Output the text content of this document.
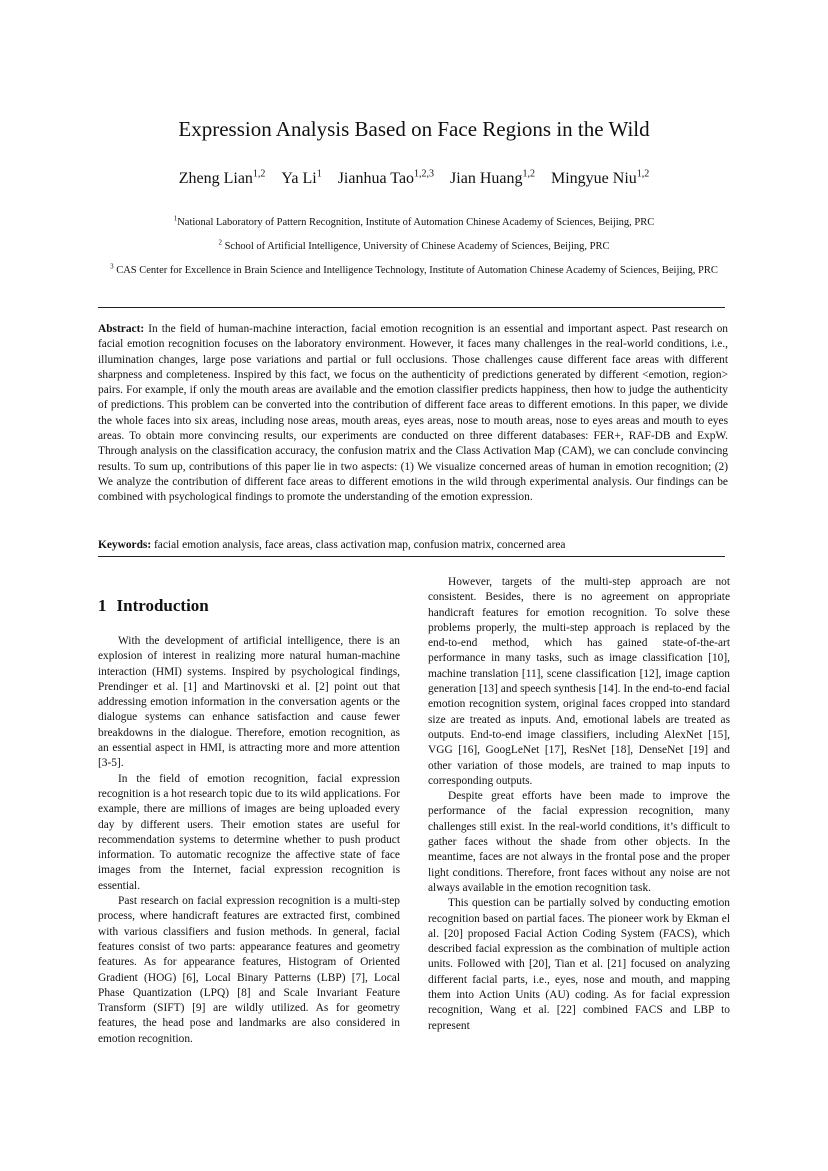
Expression Analysis Based on Face Regions in the Wild
Zheng Lian$^{1,2}$ Ya Li$^1$ Jianhua Tao$^{1,2,3}$ Jian Huang$^{1,2}$ Mingyue Niu$^{1,2}$
$^1$National Laboratory of Pattern Recognition, Institute of Automation Chinese Academy of Sciences, Beijing, PRC
$^2$ School of Artificial Intelligence, University of Chinese Academy of Sciences, Beijing, PRC
$^3$ CAS Center for Excellence in Brain Science and Intelligence Technology, Institute of Automation Chinese Academy of Sciences, Beijing, PRC

Abstract: In the field of human-machine interaction, facial emotion recognition is an essential and important aspect. Past research on facial emotion recognition focuses on the laboratory environment. However, it faces many challenges in the real-world conditions, i.e., illumination changes, large pose variations and partial or full occlusions. Those challenges cause different face areas with different sharpness and completeness. Inspired by this fact, we focus on the authenticity of predictions generated by different <emotion, region> pairs. For example, if only the mouth areas are available and the emotion classifier predicts happiness, then how to judge the authenticity of predictions. This problem can be converted into the contribution of different face areas to different emotions. In this paper, we divide the whole faces into six areas, including nose areas, mouth areas, eyes areas, nose to mouth areas, nose to eyes areas and mouth to eyes areas. To obtain more convincing results, our experiments are conducted on three different databases: FER+, RAF-DB and ExpW. Through analysis on the classification accuracy, the confusion matrix and the Class Activation Map (CAM), we can conclude convincing results. To sum up, contributions of this paper lie in two aspects: (1) We visualize concerned areas of human in emotion recognition; (2) We analyze the contribution of different face areas to different emotions in the wild through experimental analysis. Our findings can be combined with psychological findings to promote the understanding of the emotion expression.

Keywords: facial emotion analysis, face areas, class activation map, confusion matrix, concerned area
1 Introduction

With the development of artificial intelligence, there is an explosion of interest in realizing more natural human-machine interaction (HMI) systems. Inspired by psychological findings, Prendinger et al. [1] and Martinovski et al. [2] point out that addressing emotion information in the conversation agents or the dialogue systems can enhance satisfaction and cause fewer breakdowns in the dialogue. Therefore, emotion recognition, as an essential aspect in HMI, is attracting more and more attention [3-5].

In the field of emotion recognition, facial expression recognition is a hot research topic due to its wild applications. For example, there are millions of images are being uploaded every day by different users. Their emotion states are useful for recommendation systems to determine whether to push product information. To automatic recognize the affective state of face images from the Internet, facial expression recognition is essential.

Past research on facial expression recognition is a multi-step process, where handicraft features are extracted first, combined with various classifiers and fusion methods. In general, facial features consist of two parts: appearance features and geometry features. As for appearance features, Histogram of Oriented Gradient (HOG) [6], Local Binary Patterns (LBP) [7], Local Phase Quantization (LPQ) [8] and Scale Invariant Feature Transform (SIFT) [9] are wildly utilized. As for geometry features, the head pose and landmarks are also considered in emotion recognition.

However, targets of the multi-step approach are not consistent. Besides, there is no agreement on appropriate handicraft features for emotion recognition. To solve these problems properly, the multi-step approach is replaced by the end-to-end method, which has gained state-of-the-art performance in many tasks, such as image classification [10], machine translation [11], scene classification [12], image caption generation [13] and speech synthesis [14]. In the end-to-end facial emotion recognition system, original faces cropped into standard size are treated as inputs. And, emotional labels are treated as outputs. End-to-end image classifiers, including AlexNet [15], VGG [16], GoogLeNet [17], ResNet [18], DenseNet [19] and other variation of those models, are trained to map inputs to corresponding outputs.

Despite great efforts have been made to improve the performance of the facial expression recognition, many challenges still exist. In the real-world conditions, it’s difficult to gather faces without the shade from other objects. In the meantime, faces are not always in the frontal pose and the proper light conditions. Therefore, front faces without any noise are not always available in the emotion recognition task.

This question can be partially solved by conducting emotion recognition based on partial faces. The pioneer work by Ekman el al. [20] proposed Facial Action Coding System (FACS), which described facial expression as the combination of multiple action units. Followed with [20], Tian et al. [21] focused on analyzing different facial parts, i.e., eyes, nose and mouth, and mapping them into Action Units (AU) coding. As for facial expression recognition, Wang et al. [22] combined FACS and LBP to represent
